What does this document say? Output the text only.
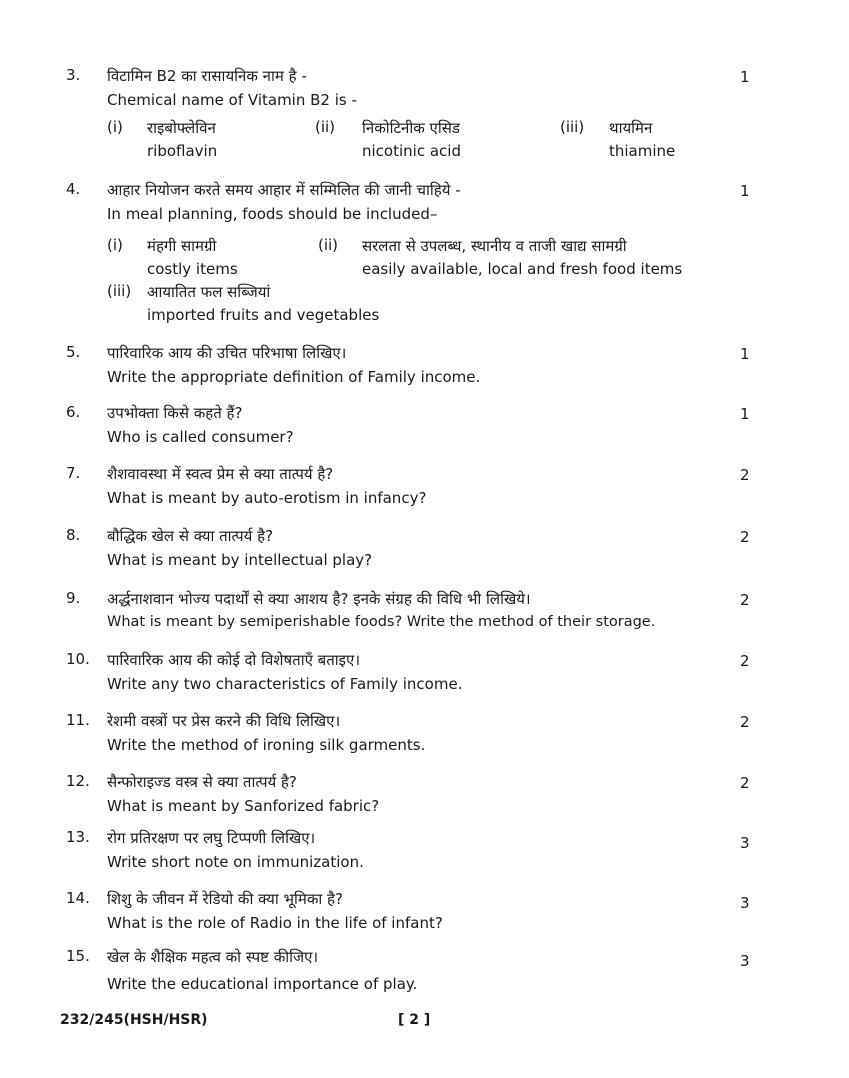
3. विटामिन B2 का रासायनिक नाम है -
Chemical name of Vitamin B2 is -
1
(i) राइबोफ्लेविन
riboflavin
(ii) निकोटिनीक एसिड
nicotinic acid
(iii) थायमिन
thiamine
4. आहार नियोजन करते समय आहार में सम्मिलित की जानी चाहिये -
In meal planning, foods should be included–
1
(i) मंहगी सामग्री
costly items
(ii) सरलता से उपलब्ध, स्थानीय व ताजी खाद्य सामग्री
easily available, local and fresh food items
(iii) आयातित फल सब्जियां
imported fruits and vegetables
5. पारिवारिक आय की उचित परिभाषा लिखिए।
Write the appropriate definition of Family income.
1
6. उपभोक्ता किसे कहते हैं?
Who is called consumer?
1
7. शैशवावस्था में स्वत्व प्रेम से क्या तात्पर्य है?
What is meant by auto-erotism in infancy?
2
8. बौद्धिक खेल से क्या तात्पर्य है?
What is meant by intellectual play?
2
9. अर्द्धनाशवान भोज्य पदार्थों से क्या आशय है? इनके संग्रह की विधि भी लिखिये।
What is meant by semiperishable foods? Write the method of their storage.
2
10. पारिवारिक आय की कोई दो विशेषताएँ बताइए।
Write any two characteristics of Family income.
2
11. रेशमी वस्त्रों पर प्रेस करने की विधि लिखिए।
Write the method of ironing silk garments.
2
12. सैन्फोराइज्ड वस्त्र से क्या तात्पर्य है?
What is meant by Sanforized fabric?
2
13. रोग प्रतिरक्षण पर लघु टिप्पणी लिखिए।
Write short note on immunization.
3
14. शिशु के जीवन में रेडियो की क्या भूमिका है?
What is the role of Radio in the life of infant?
3
15. खेल के शैक्षिक महत्व को स्पष्ट कीजिए।
Write the educational importance of play.
3
232/245(HSH/HSR)	[ 2 ]
